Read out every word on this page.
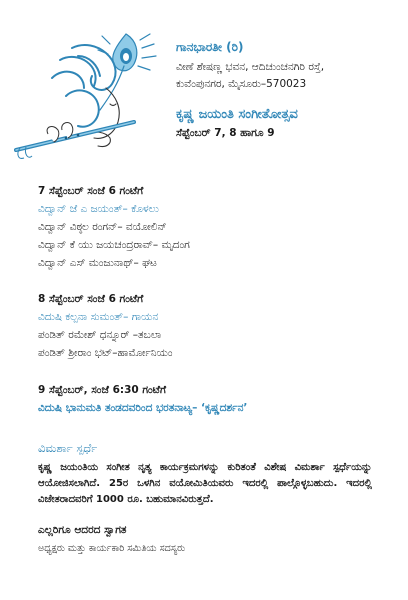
ಗಾನಭಾರತೀ (ರಿ)
ವೀಣೆ ಶೇಷಣ್ಣ ಭವನ, ಆದಿಚುಂಚನಗಿರಿ ರಸ್ತೆ,
ಕುವೆಂಪುನಗರ, ಮೈಸೂರು–570023
ಕೃಷ್ಣ ಜಯಂತಿ ಸಂಗೀತೋತ್ಸವ
ಸೆಪ್ಟೆಂಬರ್ 7, 8 ಹಾಗೂ 9
7 ಸೆಪ್ಟೆಂಬರ್ ಸಂಜೆ 6 ಗಂಟೆಗೆ
ವಿದ್ವಾನ್ ಜೆ ಎ ಜಯಂತ್– ಕೊಳಲು
ವಿದ್ವಾನ್ ವಿಠ್ಠಲ ರಂಗನ್– ವಯೋಲಿನ್
ವಿದ್ವಾನ್ ಕೆ ಯು ಜಯಚಂದ್ರರಾವ್– ಮೃದಂಗ
ವಿದ್ವಾನ್ ಎಸ್ ಮಂಜುನಾಥ್– ಘಟ
8 ಸೆಪ್ಟೆಂಬರ್ ಸಂಜೆ 6 ಗಂಟೆಗೆ
ವಿದುಷಿ ಕಲ್ಪನಾ ಸುಮಂತ್– ಗಾಯನ
ಪಂಡಿತ್ ರಮೇಶ್ ಧನ್ನೂರ್ –ತಬಲಾ
ಪಂಡಿತ್ ಶ್ರೀರಾಂ ಭಟ್–ಹಾರ್ಮೋನಿಯಂ
9 ಸೆಪ್ಟೆಂಬರ್, ಸಂಜೆ 6:30 ಗಂಟೆಗೆ
ವಿದುಷಿ ಭಾನುಮತಿ ತಂಡದವರಿಂದ ಭರತನಾಟ್ಯ– ‘ಕೃಷ್ಣದರ್ಶನ’
ವಿಮರ್ಶಾ ಸ್ಪರ್ಧೆ
ಕೃಷ್ಣ ಜಯಂತಿಯ ಸಂಗೀತ ನೃತ್ಯ ಕಾರ್ಯಕ್ರಮಗಳನ್ನು ಕುರಿತಂತೆ ವಿಶೇಷ ವಿಮರ್ಶಾ ಸ್ಪರ್ಧೆಯನ್ನು ಆಯೋಜಿಸಲಾಗಿದೆ. 25ರ ಒಳಗಿನ ವಯೋಮಿತಿಯವರು ಇದರಲ್ಲಿ ಪಾಲ್ಗೊಳ್ಳಬಹುದು. ಇದರಲ್ಲಿ ವಿಜೇತರಾದವರಿಗೆ 1000 ರೂ. ಬಹುಮಾನವಿರುತ್ತದೆ.
ಎಲ್ಲರಿಗೂ ಆದರದ ಸ್ವಾಗತ
ಅಧ್ಯಕ್ಷರು ಮತ್ತು ಕಾರ್ಯಕಾರಿ ಸಮಿತಿಯ ಸದಸ್ಯರು
